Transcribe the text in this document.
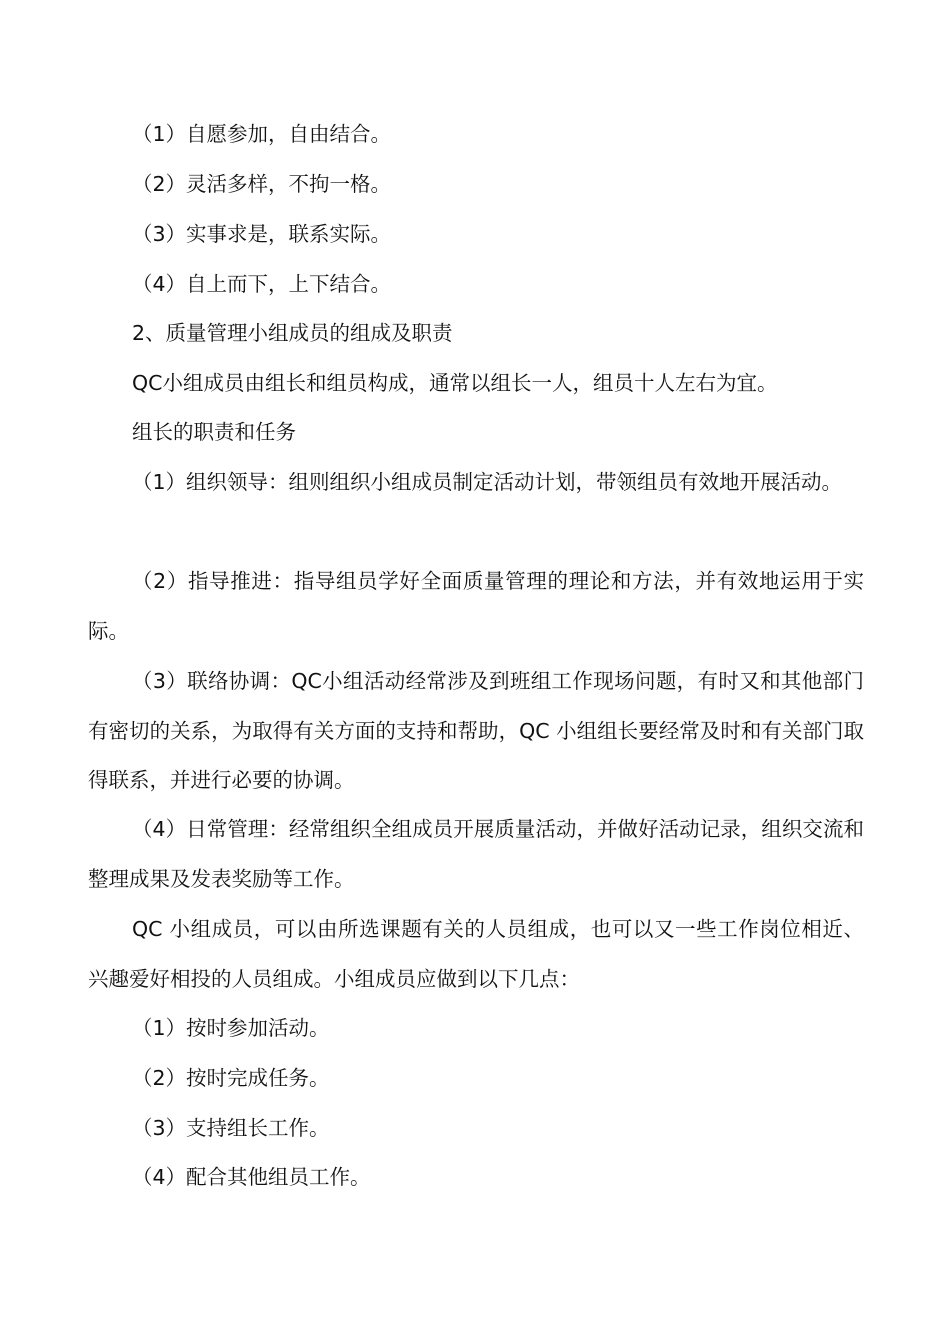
（1）自愿参加，自由结合。

（2）灵活多样，不拘一格。

（3）实事求是，联系实际。

（4）自上而下，上下结合。

2、质量管理小组成员的组成及职责

QC小组成员由组长和组员构成，通常以组长一人，组员十人左右为宜。

组长的职责和任务

（1）组织领导：组则组织小组成员制定活动计划，带领组员有效地开展活动。

（2）指导推进：指导组员学好全面质量管理的理论和方法，并有效地运用于实际。

（3）联络协调：QC小组活动经常涉及到班组工作现场问题，有时又和其他部门有密切的关系，为取得有关方面的支持和帮助，QC 小组组长要经常及时和有关部门取得联系，并进行必要的协调。

（4）日常管理：经常组织全组成员开展质量活动，并做好活动记录，组织交流和整理成果及发表奖励等工作。

QC 小组成员，可以由所选课题有关的人员组成，也可以又一些工作岗位相近、兴趣爱好相投的人员组成。小组成员应做到以下几点：

（1）按时参加活动。

（2）按时完成任务。

（3）支持组长工作。

（4）配合其他组员工作。
